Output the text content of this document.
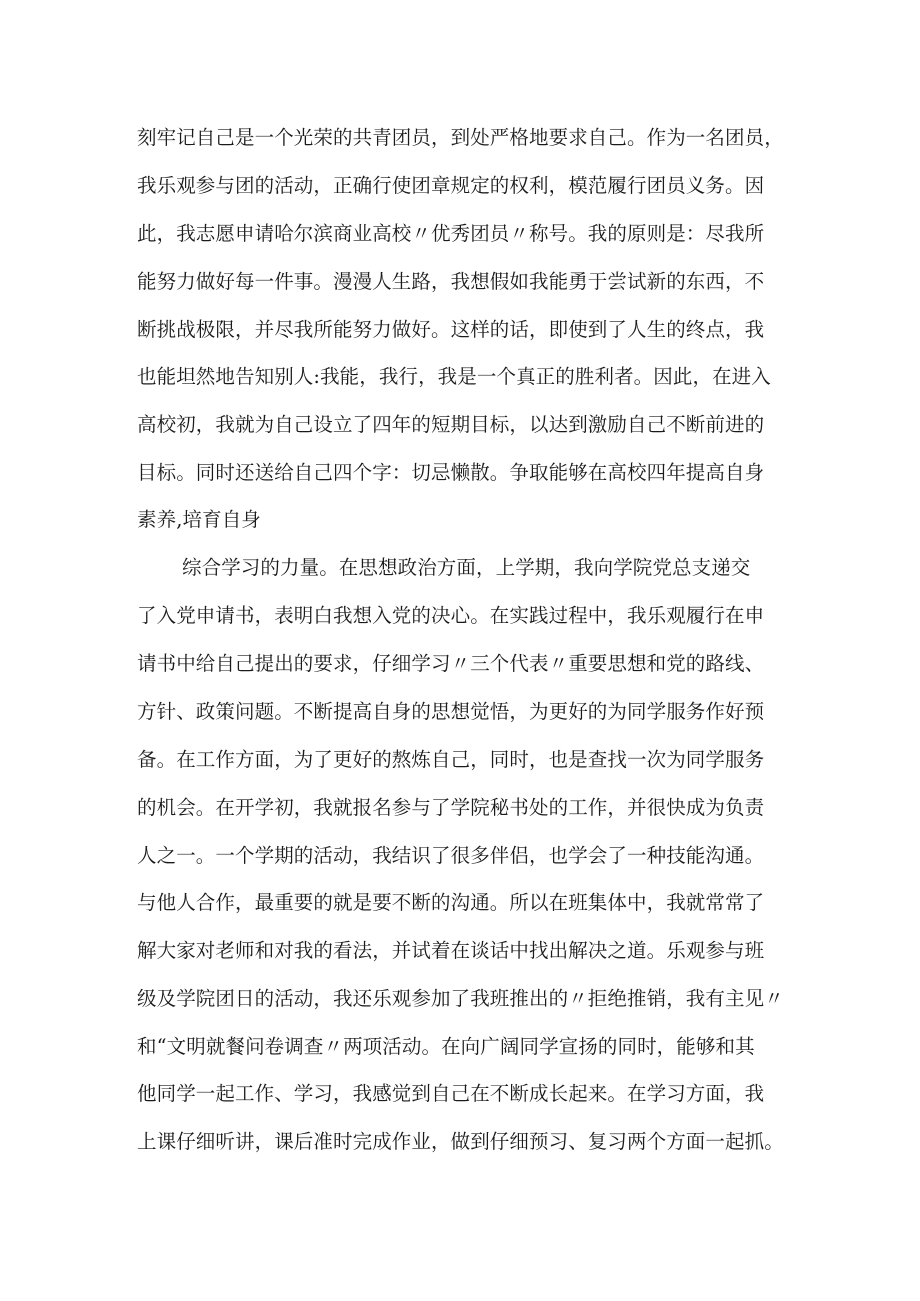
刻牢记自己是一个光荣的共青团员，到处严格地要求自己。作为一名团员，
我乐观参与团的活动，正确行使团章规定的权利，模范履行团员义务。因
此，我志愿申请哈尔滨商业高校〃优秀团员〃称号。我的原则是：尽我所
能努力做好每一件事。漫漫人生路，我想假如我能勇于尝试新的东西，不
断挑战极限，并尽我所能努力做好。这样的话，即使到了人生的终点，我
也能坦然地告知别人:我能，我行，我是一个真正的胜利者。因此，在进入
高校初，我就为自己设立了四年的短期目标，以达到激励自己不断前进的
目标。同时还送给自己四个字：切忌懒散。争取能够在高校四年提高自身
素养,培育自身
综合学习的力量。在思想政治方面，上学期，我向学院党总支递交
了入党申请书，表明白我想入党的决心。在实践过程中，我乐观履行在申
请书中给自己提出的要求，仔细学习〃三个代表〃重要思想和党的路线、
方针、政策问题。不断提高自身的思想觉悟，为更好的为同学服务作好预
备。在工作方面，为了更好的熬炼自己，同时，也是查找一次为同学服务
的机会。在开学初，我就报名参与了学院秘书处的工作，并很快成为负责
人之一。一个学期的活动，我结识了很多伴侣，也学会了一种技能沟通。
与他人合作，最重要的就是要不断的沟通。所以在班集体中，我就常常了
解大家对老师和对我的看法，并试着在谈话中找出解决之道。乐观参与班
级及学院团日的活动，我还乐观参加了我班推出的〃拒绝推销，我有主见〃
和“文明就餐问卷调查〃两项活动。在向广阔同学宣扬的同时，能够和其
他同学一起工作、学习，我感觉到自己在不断成长起来。在学习方面，我
上课仔细听讲，课后准时完成作业，做到仔细预习、复习两个方面一起抓。
